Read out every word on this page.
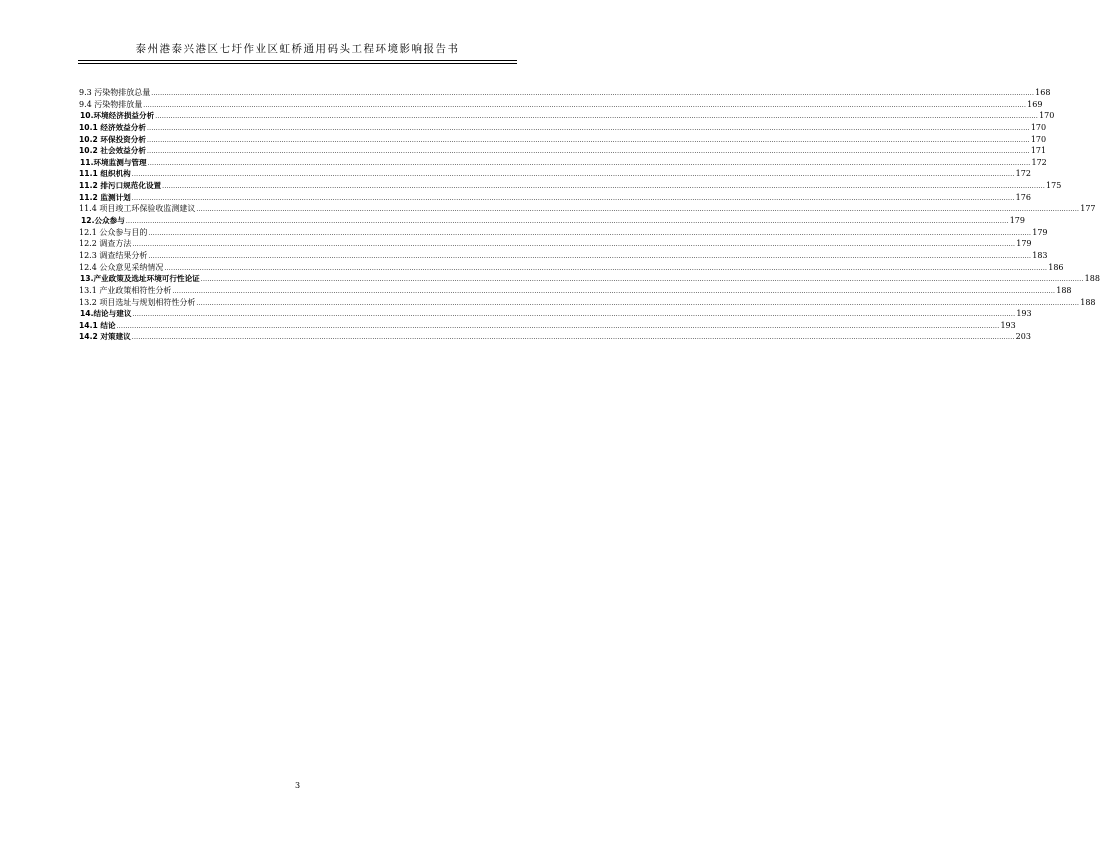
泰州港泰兴港区七圩作业区虹桥通用码头工程环境影响报告书
9.3 污染物排放总量 ................................................................................................................................................................................................................................................................................................................................................................................................................ 168
9.4 污染物排放量 ................................................................................................................................................................................................................................................................................................................................................................................................................ 169
10.环境经济损益分析 ................................................................................................................................................................................................................................................................................................................................................................................................................ 170
10.1 经济效益分析 ................................................................................................................................................................................................................................................................................................................................................................................................................ 170
10.2 环保投资分析 ................................................................................................................................................................................................................................................................................................................................................................................................................ 170
10.2 社会效益分析 ................................................................................................................................................................................................................................................................................................................................................................................................................ 171
11.环境监测与管理 ................................................................................................................................................................................................................................................................................................................................................................................................................ 172
11.1 组织机构 ................................................................................................................................................................................................................................................................................................................................................................................................................ 172
11.2 排污口规范化设置 ................................................................................................................................................................................................................................................................................................................................................................................................................ 175
11.2 监测计划 ................................................................................................................................................................................................................................................................................................................................................................................................................ 176
11.4 项目竣工环保验收监测建议 ................................................................................................................................................................................................................................................................................................................................................................................................................ 177
12.公众参与 ................................................................................................................................................................................................................................................................................................................................................................................................................ 179
12.1 公众参与目的 ................................................................................................................................................................................................................................................................................................................................................................................................................ 179
12.2 调查方法 ................................................................................................................................................................................................................................................................................................................................................................................................................ 179
12.3 调查结果分析 ................................................................................................................................................................................................................................................................................................................................................................................................................ 183
12.4 公众意见采纳情况 ................................................................................................................................................................................................................................................................................................................................................................................................................ 186
13.产业政策及选址环境可行性论证 ................................................................................................................................................................................................................................................................................................................................................................................................................ 188
13.1 产业政策相符性分析 ................................................................................................................................................................................................................................................................................................................................................................................................................ 188
13.2 项目选址与规划相符性分析 ................................................................................................................................................................................................................................................................................................................................................................................................................ 188
14.结论与建议 ................................................................................................................................................................................................................................................................................................................................................................................................................ 193
14.1 结论 ................................................................................................................................................................................................................................................................................................................................................................................................................ 193
14.2 对策建议 ................................................................................................................................................................................................................................................................................................................................................................................................................ 203
3
